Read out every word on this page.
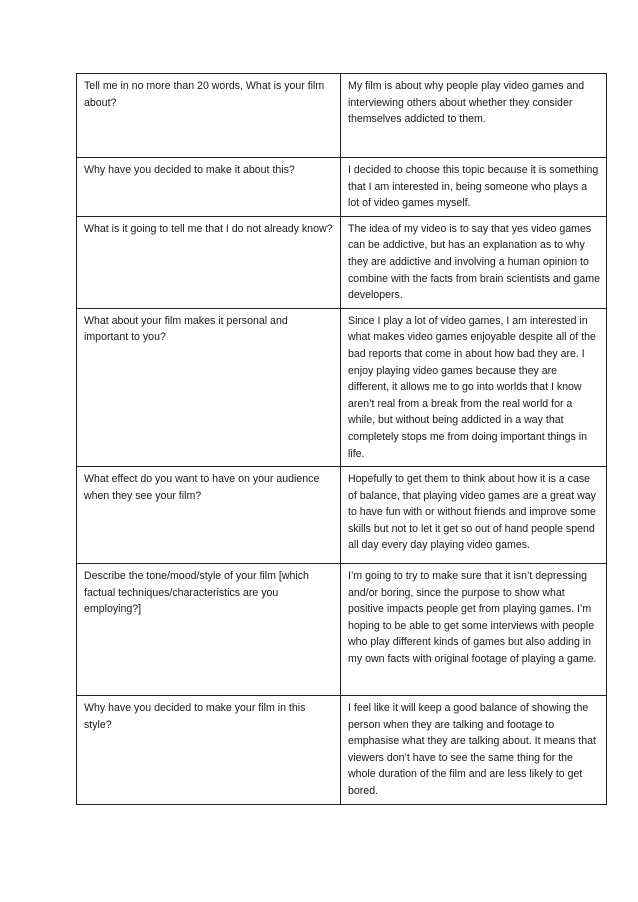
Tell me in no more than 20 words, What is your film about?	My film is about why people play video games and interviewing others about whether they consider themselves addicted to them.
Why have you decided to make it about this?	I decided to choose this topic because it is something that I am interested in, being someone who plays a lot of video games myself.
What is it going to tell me that I do not already know?	The idea of my video is to say that yes video games can be addictive, but has an explanation as to why they are addictive and involving a human opinion to combine with the facts from brain scientists and game developers.
What about your film makes it personal and important to you?	Since I play a lot of video games, I am interested in what makes video games enjoyable despite all of the bad reports that come in about how bad they are. I enjoy playing video games because they are different, it allows me to go into worlds that I know aren’t real from a break from the real world for a while, but without being addicted in a way that completely stops me from doing important things in life.
What effect do you want to have on your audience when they see your film?	Hopefully to get them to think about how it is a case of balance, that playing video games are a great way to have fun with or without friends and improve some skills but not to let it get so out of hand people spend all day every day playing video games.
Describe the tone/mood/style of your film [which factual techniques/characteristics are you employing?]	I’m going to try to make sure that it isn’t depressing and/or boring, since the purpose to show what positive impacts people get from playing games. I’m hoping to be able to get some interviews with people who play different kinds of games but also adding in my own facts with original footage of playing a game.
Why have you decided to make your film in this style?	I feel like it will keep a good balance of showing the person when they are talking and footage to emphasise what they are talking about. It means that viewers don’t have to see the same thing for the whole duration of the film and are less likely to get bored.
